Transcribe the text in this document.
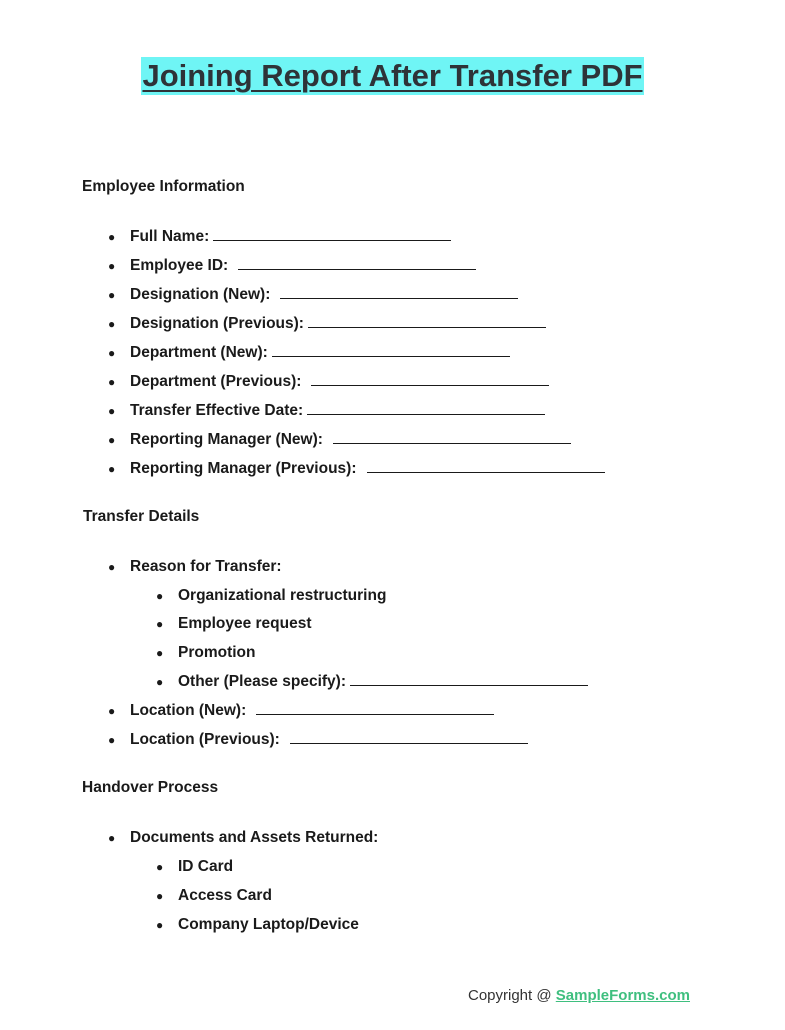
Joining Report After Transfer PDF
Employee Information
● Full Name:
● Employee ID:
● Designation (New):
● Designation (Previous):
● Department (New):
● Department (Previous):
● Transfer Effective Date:
● Reporting Manager (New):
● Reporting Manager (Previous):
Transfer Details
● Reason for Transfer:
● Organizational restructuring
● Employee request
● Promotion
● Other (Please specify):
● Location (New):
● Location (Previous):
Handover Process
● Documents and Assets Returned:
● ID Card
● Access Card
● Company Laptop/Device
Copyright @ SampleForms.com
